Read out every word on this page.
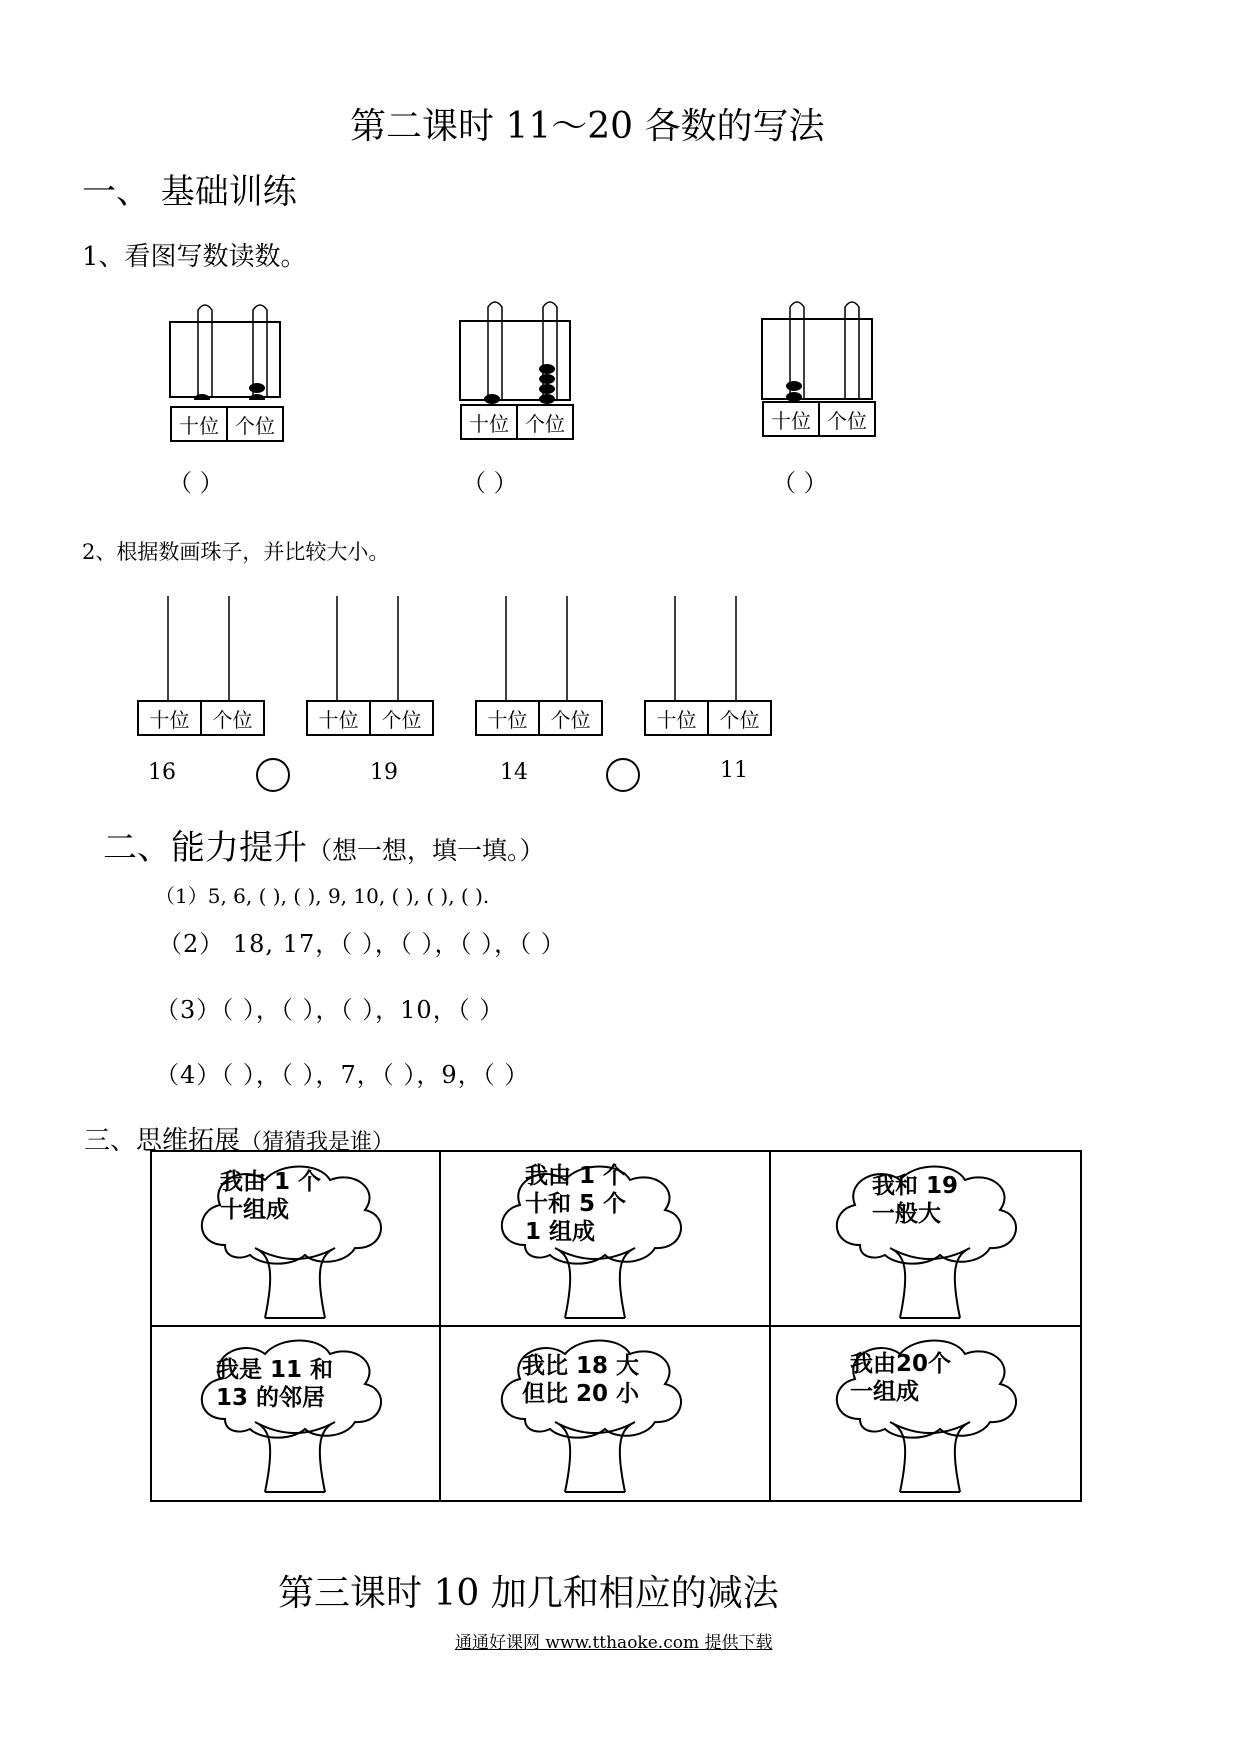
第二课时 11～20 各数的写法
一、 基础训练
1、看图写数读数。
十位 个位
（ ）
十位 个位
（ ）
十位 个位
（ ）
2、根据数画珠子，并比较大小。
十位	个位	十位	个位	十位	个位	十位	个位
16	19	14	11
二、能力提升（想一想，填一填。）
（1）5, 6, ( ), ( ), 9, 10, ( ), ( ), ( ).
（2） 18, 17，（ ），（ ），（ ），（ ）
（3）（ ），（ ），（ ），10，（ ）
（4）（ ），（ ），7，（ ），9，（ ）
三、思维拓展（猜猜我是谁）
我由 1 个
十组成
我由 1 个
十和 5 个
1 组成
我和 19
一般大
我是 11 和
13 的邻居
我比 18 大
但比 20 小
我由20个
一组成
第三课时 10 加几和相应的减法
通通好课网 www.tthaoke.com 提供下载
